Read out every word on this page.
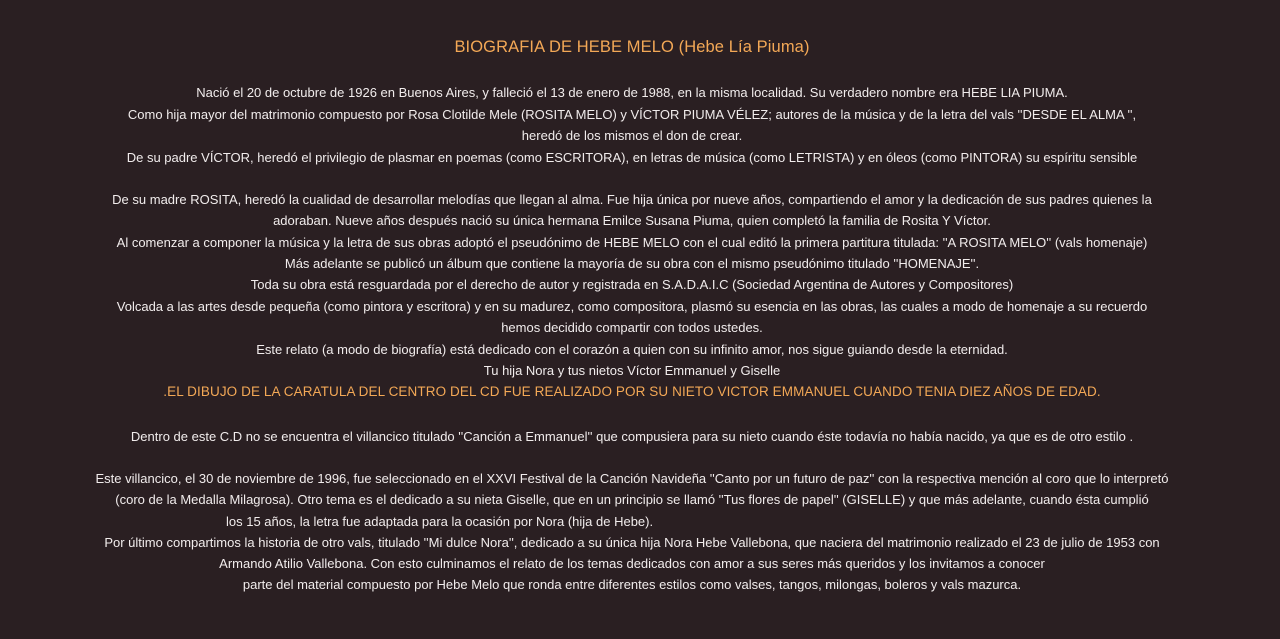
BIOGRAFIA DE HEBE MELO (Hebe Lía Piuma)
Nació el 20 de octubre de 1926 en Buenos Aires, y falleció el 13 de enero de 1988, en la misma localidad. Su verdadero nombre era HEBE LIA PIUMA.
Como hija mayor del matrimonio compuesto por Rosa Clotilde Mele (ROSITA MELO) y VÍCTOR PIUMA VÉLEZ; autores de la música y de la letra del vals ''DESDE EL ALMA '',
heredó de los mismos el don de crear.
De su padre VÍCTOR, heredó el privilegio de plasmar en poemas (como ESCRITORA), en letras de música (como LETRISTA) y en óleos (como PINTORA) su espíritu sensible
De su madre ROSITA, heredó la cualidad de desarrollar melodías que llegan al alma. Fue hija única por nueve años, compartiendo el amor y la dedicación de sus padres quienes la
adoraban. Nueve años después nació su única hermana Emilce Susana Piuma, quien completó la familia de Rosita Y Víctor.
Al comenzar a componer la música y la letra de sus obras adoptó el pseudónimo de HEBE MELO con el cual editó la primera partitura titulada: ''A ROSITA MELO'' (vals homenaje)
Más adelante se publicó un álbum que contiene la mayoría de su obra con el mismo pseudónimo titulado ''HOMENAJE''.
Toda su obra está resguardada por el derecho de autor y registrada en S.A.D.A.I.C (Sociedad Argentina de Autores y Compositores)
Volcada a las artes desde pequeña (como pintora y escritora) y en su madurez, como compositora, plasmó su esencia en las obras, las cuales a modo de homenaje a su recuerdo
hemos decidido compartir con todos ustedes.
Este relato (a modo de biografía) está dedicado con el corazón a quien con su infinito amor, nos sigue guiando desde la eternidad.
Tu hija Nora y tus nietos Víctor Emmanuel y Giselle
.EL DIBUJO DE LA CARATULA DEL CENTRO DEL CD FUE REALIZADO POR SU NIETO VICTOR EMMANUEL CUANDO TENIA DIEZ AÑOS DE EDAD.
Dentro de este C.D no se encuentra el villancico titulado ''Canción a Emmanuel'' que compusiera para su nieto cuando éste todavía no había nacido, ya que es de otro estilo .
Este villancico, el 30 de noviembre de 1996, fue seleccionado en el XXVI Festival de la Canción Navideña ''Canto por un futuro de paz'' con la respectiva mención al coro que lo interpretó
(coro de la Medalla Milagrosa). Otro tema es el dedicado a su nieta Giselle, que en un principio se llamó ''Tus flores de papel'' (GISELLE) y que más adelante, cuando ésta cumplió
los 15 años, la letra fue adaptada para la ocasión por Nora (hija de Hebe).
Por último compartimos la historia de otro vals, titulado ''Mi dulce Nora'', dedicado a su única hija Nora Hebe Vallebona, que naciera del matrimonio realizado el 23 de julio de 1953 con
Armando Atilio Vallebona. Con esto culminamos el relato de los temas dedicados con amor a sus seres más queridos y los invitamos a conocer
parte del material compuesto por Hebe Melo que ronda entre diferentes estilos como valses, tangos, milongas, boleros y vals mazurca.
